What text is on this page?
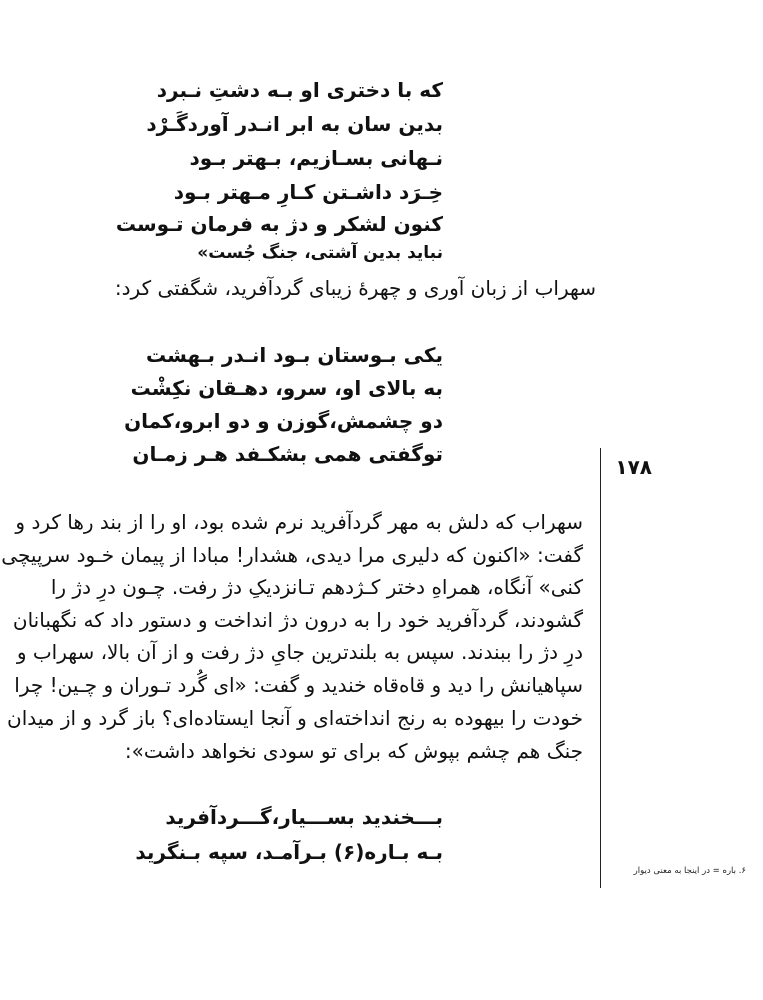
که با دختری او بـه دشتِ نـبرد
بدین سان به ابر انـدر آوردگَـرْد
نـهانی بسـازیم، بـهتر بـود
خِـرَد داشـتن کـارِ مـهتر بـود
کنون لشکر و دژ به فرمان تـوست
نباید بدین آشتی، جنگ جُست»
سهراب از زبان آوری و چهرهٔ زیبای گردآفرید، شگفتی کرد:
یکی بـوستان بـود انـدر بـهشت
به بالای او، سرو، دهـقان نکِشْت
دو چشمش،گوزن و دو ابرو،کمان
توگفتی همی بشکـفد هـر زمـان
۱۷۸
سهراب که دلش به مهر گردآفرید نرم شده بود، او را از بند رها کرد و
گفت: «اکنون که دلیری مرا دیدی، هشدار! مبادا از پیمان خـود سرپیچی
کنی» آنگاه، همراهِ دختر کـژدهم تـانزدیکِ دژ رفت. چـون درِ دژ را
گشودند، گردآفرید خود را به درون دژ انداخت و دستور داد که نگهبانان
درِ دژ را ببندند. سپس به بلندترین جایِ دژ رفت و از آن بالا، سهراب و
سپاهیانش را دید و قاه‌قاه خندید و گفت: «ای گُرد تـوران و چـین! چرا
خودت را بیهوده به رنج انداخته‌ای و آنجا ایستاده‌ای؟ باز گرد و از میدان
جنگ هم چشم بپوش که برای تو سودی نخواهد داشت»:
بـــخندید بســـیار،گـــردآفرید
بـه بـاره(۶) بـرآمـد، سپه بـنگرید
۶. باره = در اینجا به معنی دیوار
